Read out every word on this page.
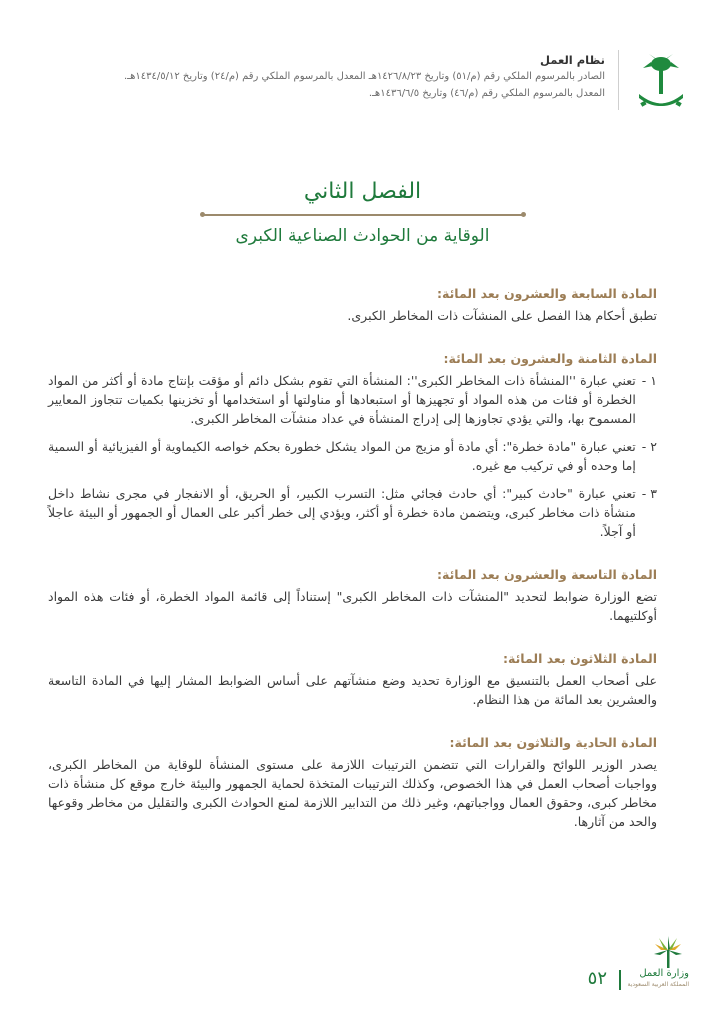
نظام العمل
الصادر بالمرسوم الملكي رقم (م/٥١) وتاريخ ١٤٢٦/٨/٢٣هـ المعدل بالمرسوم الملكي رقم (م/٢٤) وتاريخ ١٤٣٤/٥/١٢هـ.
المعدل بالمرسوم الملكي رقم (م/٤٦) وتاريخ ١٤٣٦/٦/٥هـ.
الفصل الثاني
الوقاية من الحوادث الصناعية الكبرى
المادة السابعة والعشرون بعد المائة:
تطبق أحكام هذا الفصل على المنشآت ذات المخاطر الكبرى.
المادة الثامنة والعشرون بعد المائة:
١ -
تعني عبارة ''المنشأة ذات المخاطر الكبرى'': المنشأة التي تقوم بشكل دائم أو مؤقت بإنتاج مادة أو أكثر من المواد الخطرة أو فئات من هذه المواد أو تجهيزها أو استبعادها أو مناولتها أو استخدامها أو تخزينها بكميات تتجاوز المعايير المسموح بها، والتي يؤدي تجاوزها إلى إدراج المنشأة في عداد منشآت المخاطر الكبرى.
٢ -
تعني عبارة "مادة خطرة": أي مادة أو مزيج من المواد يشكل خطورة بحكم خواصه الكيماوية أو الفيزيائية أو السمية إما وحده أو في تركيب مع غيره.
٣ -
تعني عبارة "حادث كبير": أي حادث فجائي مثل: التسرب الكبير، أو الحريق، أو الانفجار في مجرى نشاط داخل منشأة ذات مخاطر كبرى، ويتضمن مادة خطرة أو أكثر، ويؤدي إلى خطر أكبر على العمال أو الجمهور أو البيئة عاجلاً أو آجلاً.
المادة التاسعة والعشرون بعد المائة:
تضع الوزارة ضوابط لتحديد "المنشآت ذات المخاطر الكبرى" إستناداً إلى قائمة المواد الخطرة، أو فئات هذه المواد أوكلتيهما.
المادة الثلاثون بعد المائة:
على أصحاب العمل بالتنسيق مع الوزارة تحديد وضع منشآتهم على أساس الضوابط المشار إليها في المادة التاسعة والعشرين بعد المائة من هذا النظام.
المادة الحادية والثلاثون بعد المائة:
يصدر الوزير اللوائح والقرارات التي تتضمن الترتيبات اللازمة على مستوى المنشأة للوقاية من المخاطر الكبرى، وواجبات أصحاب العمل في هذا الخصوص، وكذلك الترتيبات المتخذة لحماية الجمهور والبيئة خارج موقع كل منشأة ذات مخاطر كبرى، وحقوق العمال وواجباتهم، وغير ذلك من التدابير اللازمة لمنع الحوادث الكبرى والتقليل من مخاطر وقوعها والحد من آثارها.
وزارة العمل
المملكة العربية السعودية
٥٢
